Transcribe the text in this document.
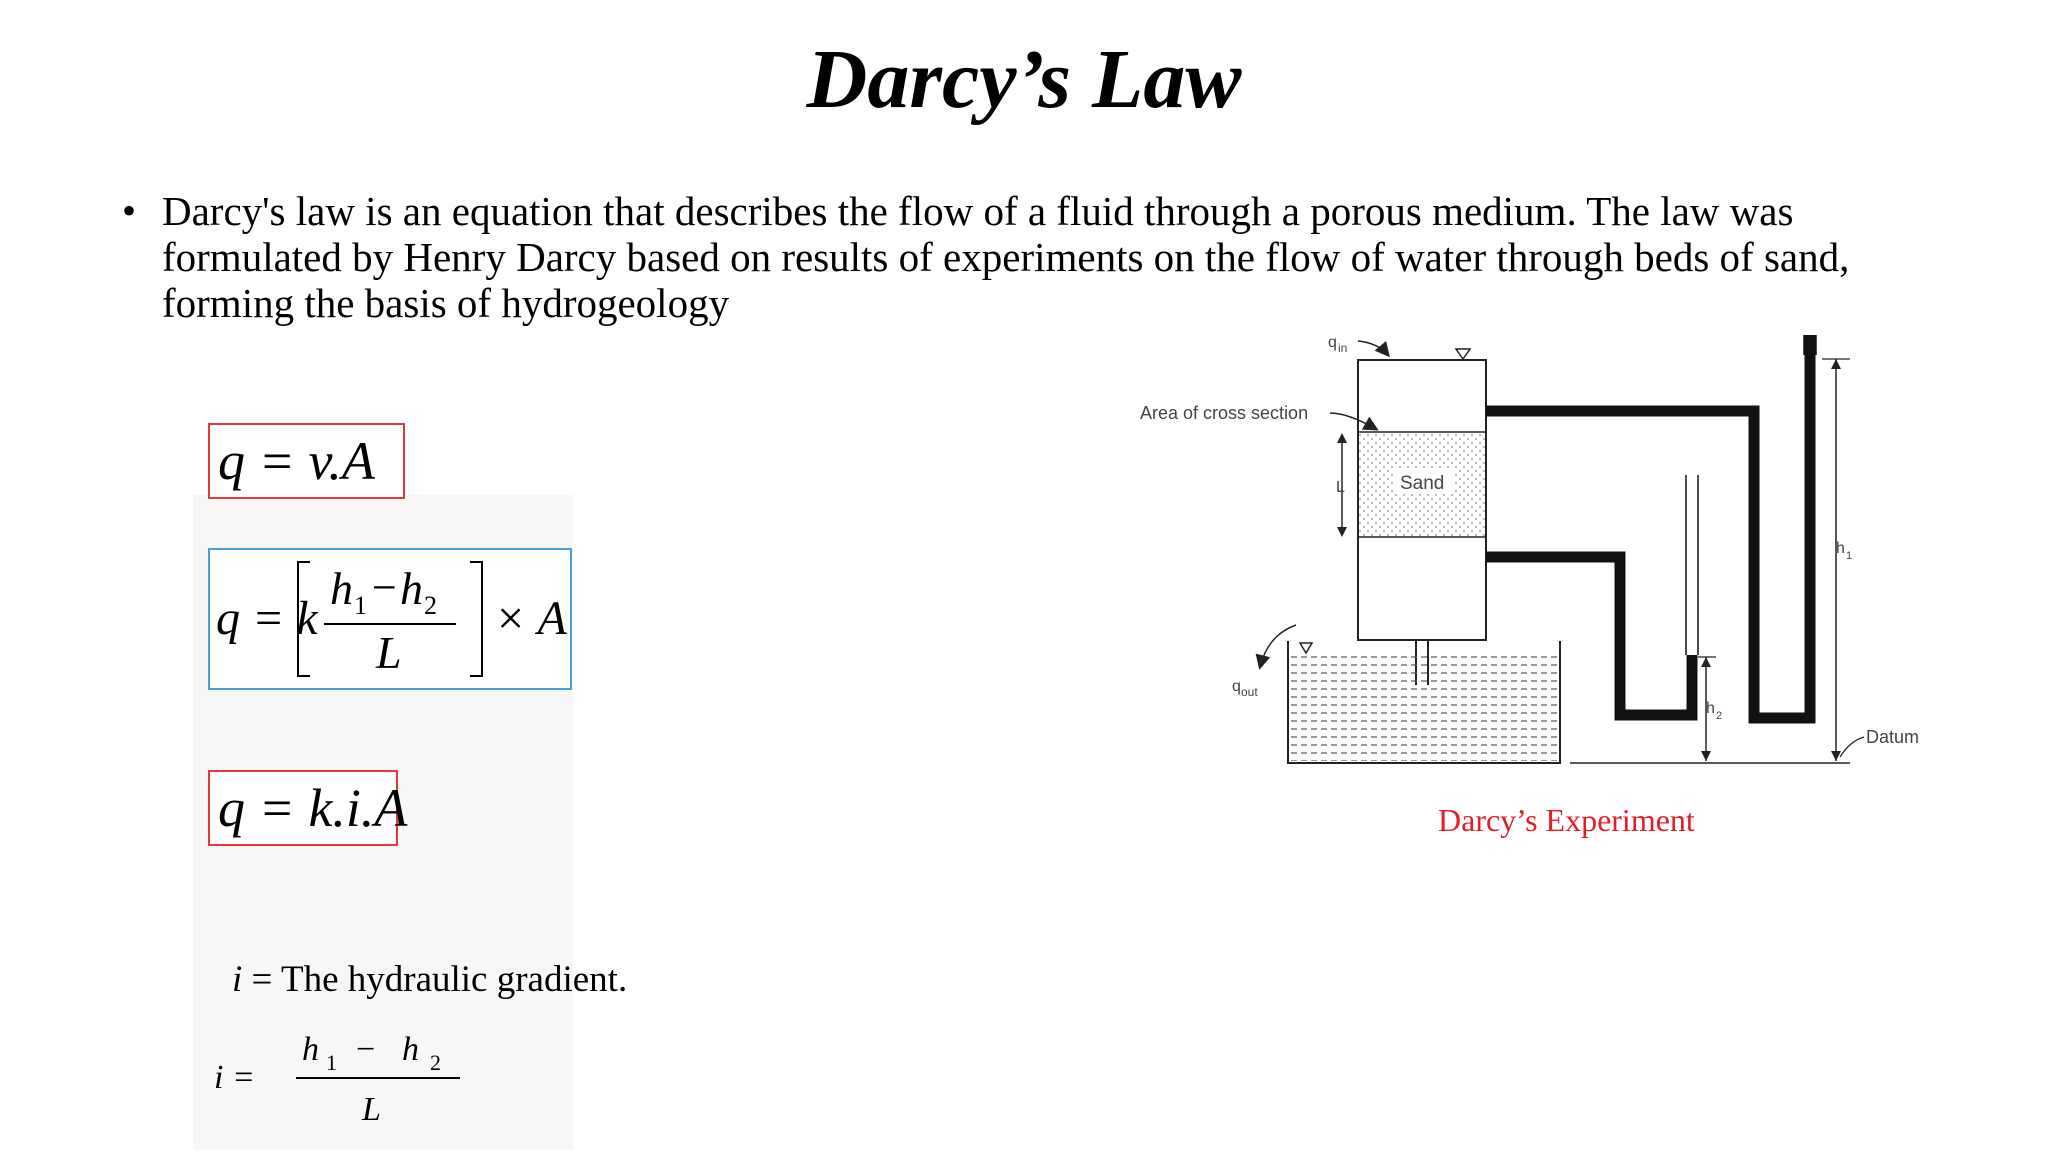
Darcy’s Law
• Darcy's law is an equation that describes the flow of a fluid through a porous medium. The law was formulated by Henry Darcy based on results of experiments on the flow of water through beds of sand, forming the basis of hydrogeology
q = v.A
q = k
h 1 − h 2
L
× A
q = k.i.A
i = The hydraulic gradient.
i =
h 1 − h 2
L
q in
Sand
Area of cross section
L
q out
h 1
h 2
Datum
Darcy’s Experiment
